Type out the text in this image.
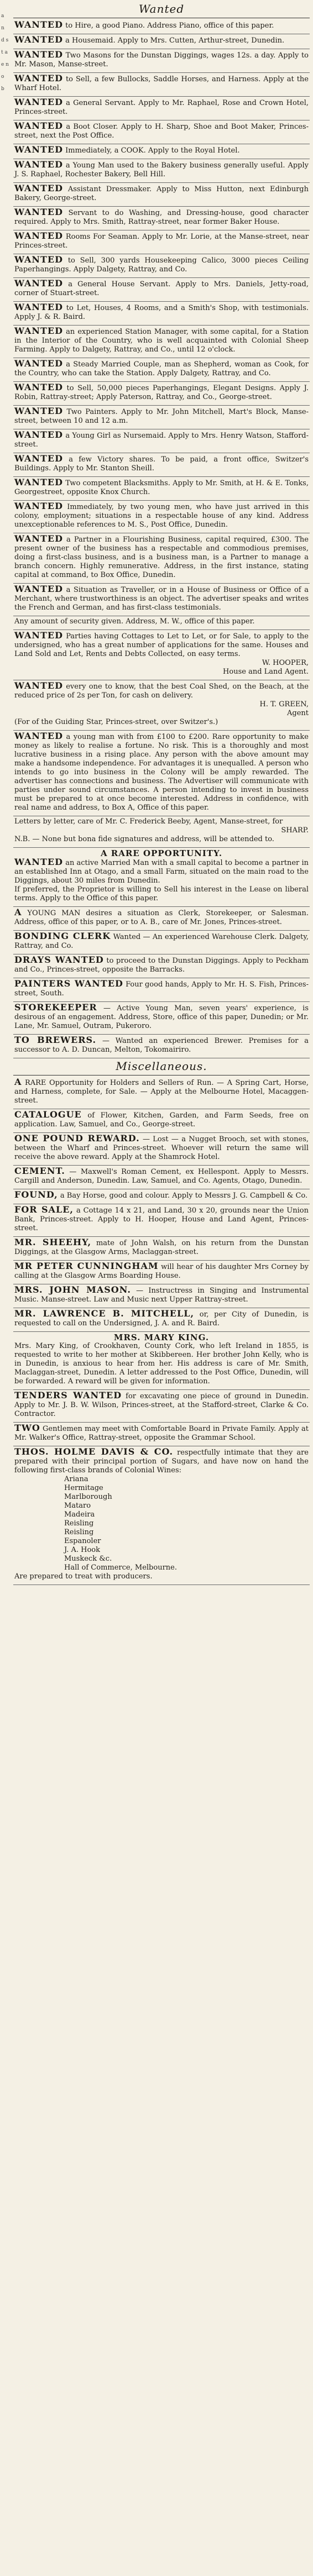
a n d s t a e n o b
Wanted
WANTED to Hire, a good Piano. Address Piano, office of this paper.
WANTED a Housemaid. Apply to Mrs. Cutten, Arthur-street, Dunedin.
WANTED Two Masons for the Dunstan Diggings, wages 12s. a day. Apply to Mr. Mason, Manse-street.
WANTED to Sell, a few Bullocks, Saddle Horses, and Harness. Apply at the Wharf Hotel.
WANTED a General Servant. Apply to Mr. Raphael, Rose and Crown Hotel, Princes-street.
WANTED a Boot Closer. Apply to H. Sharp, Shoe and Boot Maker, Princes-street, next the Post Office.
WANTED Immediately, a COOK. Apply to the Royal Hotel.
WANTED a Young Man used to the Bakery business generally useful. Apply J. S. Raphael, Rochester Bakery, Bell Hill.
WANTED Assistant Dressmaker. Apply to Miss Hutton, next Edinburgh Bakery, George-street.
WANTED Servant to do Washing, and Dressing-house, good character required. Apply to Mrs. Smith, Rattray-street, near former Baker House.
WANTED Rooms For Seaman. Apply to Mr. Lorie, at the Manse-street, near Princes-street.
WANTED to Sell, 300 yards Housekeeping Calico, 3000 pieces Ceiling Paperhangings. Apply Dalgety, Rattray, and Co.
WANTED a General House Servant. Apply to Mrs. Daniels, Jetty-road, corner of Stuart-street.
WANTED to Let, Houses, 4 Rooms, and a Smith's Shop, with testimonials. Apply J. & R. Baird.
WANTED an experienced Station Manager, with some capital, for a Station in the Interior of the Country, who is well acquainted with Colonial Sheep Farming. Apply to Dalgety, Rattray, and Co., until 12 o'clock.
WANTED a Steady Married Couple, man as Shepherd, woman as Cook, for the Country, who can take the Station. Apply Dalgety, Rattray, and Co.
WANTED to Sell, 50,000 pieces Paperhangings, Elegant Designs. Apply J. Robin, Rattray-street; Apply Paterson, Rattray, and Co., George-street.
WANTED Two Painters. Apply to Mr. John Mitchell, Mart's Block, Manse-street, between 10 and 12 a.m.
WANTED a Young Girl as Nursemaid. Apply to Mrs. Henry Watson, Stafford-street.
WANTED a few Victory shares. To be paid, a front office, Switzer's Buildings. Apply to Mr. Stanton Sheill.
WANTED Two competent Blacksmiths. Apply to Mr. Smith, at H. & E. Tonks, Georgestreet, opposite Knox Church.
WANTED Immediately, by two young men, who have just arrived in this colony, employment; situations in a respectable house of any kind. Address unexceptionable references to M. S., Post Office, Dunedin.
WANTED a Partner in a Flourishing Business, capital required, £300. The present owner of the business has a respectable and commodious premises, doing a first-class business, and is a business man, is a Partner to manage a branch concern. Highly remunerative. Address, in the first instance, stating capital at command, to Box Office, Dunedin.
WANTED a Situation as Traveller, or in a House of Business or Office of a Merchant, where trustworthiness is an object. The advertiser speaks and writes the French and German, and has first-class testimonials.
Any amount of security given. Address, M. W., office of this paper.
WANTED Parties having Cottages to Let to Let, or for Sale, to apply to the undersigned, who has a great number of applications for the same. Houses and Land Sold and Let, Rents and Debts Collected, on easy terms.
W. HOOPER,
House and Land Agent.
WANTED every one to know, that the best Coal Shed, on the Beach, at the reduced price of 2s per Ton, for cash on delivery.
H. T. GREEN,
Agent
(For of the Guiding Star, Princes-street, over Switzer's.)
WANTED a young man with from £100 to £200. Rare opportunity to make money as likely to realise a fortune. No risk. This is a thoroughly and most lucrative business in a rising place. Any person with the above amount may make a handsome independence. For advantages it is unequalled. A person who intends to go into business in the Colony will be amply rewarded. The advertiser has connections and business. The Advertiser will communicate with parties under sound circumstances. A person intending to invest in business must be prepared to at once become interested. Address in confidence, with real name and address, to Box A, Office of this paper.
Letters by letter, care of Mr. C. Frederick Beeby, Agent, Manse-street, for
SHARP.
N.B. — None but bona fide signatures and address, will be attended to.
A RARE OPPORTUNITY.
WANTED an active Married Man with a small capital to become a partner in an established Inn at Otago, and a small Farm, situated on the main road to the Diggings, about 30 miles from Dunedin.
If preferred, the Proprietor is willing to Sell his interest in the Lease on liberal terms. Apply to the Office of this paper.
A YOUNG MAN desires a situation as Clerk, Storekeeper, or Salesman. Address, office of this paper, or to A. B., care of Mr. Jones, Princes-street.
BONDING CLERK Wanted — An experienced Warehouse Clerk. Dalgety, Rattray, and Co.
DRAYS WANTED to proceed to the Dunstan Diggings. Apply to Peckham and Co., Princes-street, opposite the Barracks.
PAINTERS WANTED Four good hands, Apply to Mr. H. S. Fish, Princes-street, South.
STOREKEEPER — Active Young Man, seven years' experience, is desirous of an engagement. Address, Store, office of this paper, Dunedin; or Mr. Lane, Mr. Samuel, Outram, Pukeroro.
TO BREWERS. — Wanted an experienced Brewer. Premises for a successor to A. D. Duncan, Melton, Tokomairiro.
Miscellaneous.
A RARE Opportunity for Holders and Sellers of Run. — A Spring Cart, Horse, and Harness, complete, for Sale. — Apply at the Melbourne Hotel, Macaggen-street.
CATALOGUE of Flower, Kitchen, Garden, and Farm Seeds, free on application. Law, Samuel, and Co., George-street.
ONE POUND REWARD. — Lost — a Nugget Brooch, set with stones, between the Wharf and Princes-street. Whoever will return the same will receive the above reward. Apply at the Shamrock Hotel.
CEMENT. — Maxwell's Roman Cement, ex Hellespont. Apply to Messrs. Cargill and Anderson, Dunedin. Law, Samuel, and Co. Agents, Otago, Dunedin.
FOUND, a Bay Horse, good and colour. Apply to Messrs J. G. Campbell & Co.
FOR SALE, a Cottage 14 x 21, and Land, 30 x 20, grounds near the Union Bank, Princes-street. Apply to H. Hooper, House and Land Agent, Princes-street.
MR. SHEEHY, mate of John Walsh, on his return from the Dunstan Diggings, at the Glasgow Arms, Maclaggan-street.
MR PETER CUNNINGHAM will hear of his daughter Mrs Corney by calling at the Glasgow Arms Boarding House.
MRS. JOHN MASON. — Instructress in Singing and Instrumental Music. Manse-street. Law and Music next Upper Rattray-street.
MR. LAWRENCE B. MITCHELL, or, per City of Dunedin, is requested to call on the Undersigned, J. A. and R. Baird.
MRS. MARY KING.
Mrs. Mary King, of Crookhaven, County Cork, who left Ireland in 1855, is requested to write to her mother at Skibbereen. Her brother John Kelly, who is in Dunedin, is anxious to hear from her. His address is care of Mr. Smith, Maclaggan-street, Dunedin. A letter addressed to the Post Office, Dunedin, will be forwarded. A reward will be given for information.
TENDERS WANTED for excavating one piece of ground in Dunedin. Apply to Mr. J. B. W. Wilson, Princes-street, at the Stafford-street, Clarke & Co. Contractor.
TWO Gentlemen may meet with Comfortable Board in Private Family. Apply at Mr. Walker's Office, Rattray-street, opposite the Grammar School.
THOS. HOLME DAVIS & CO. respectfully intimate that they are prepared with their principal portion of Sugars, and have now on hand the following first-class brands of Colonial Wines:
Ariana
Hermitage
Marlborough
Mataro
Madeira
Reisling
Reisling
Espanoler
J. A. Hook
Muskeck &c.
Hall of Commerce, Melbourne.
Are prepared to treat with producers.
